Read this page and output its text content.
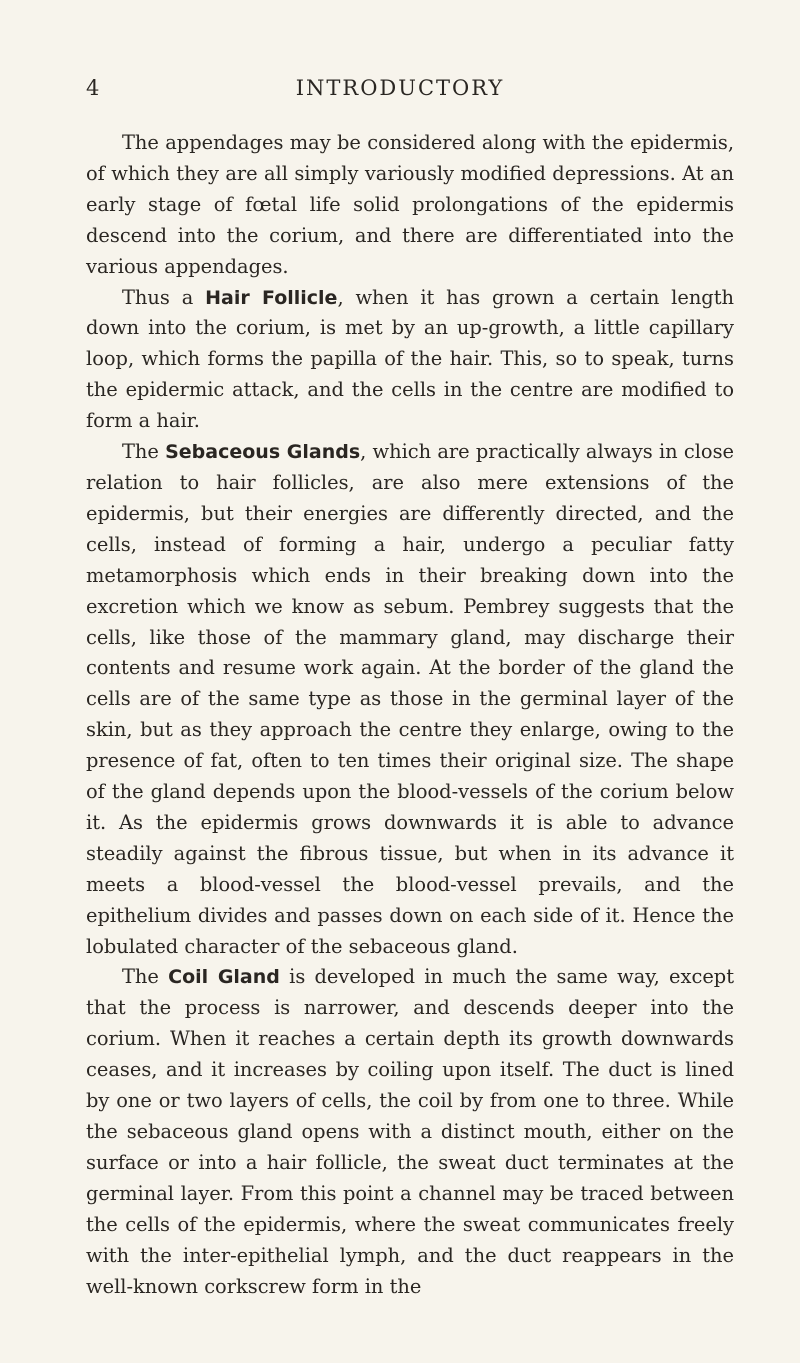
4	INTRODUCTORY

The appendages may be considered along with the epidermis, of which they are all simply variously modified depressions. At an early stage of fœtal life solid prolongations of the epidermis descend into the corium, and there are differentiated into the various appendages.

Thus a Hair Follicle, when it has grown a certain length down into the corium, is met by an up-growth, a little capillary loop, which forms the papilla of the hair. This, so to speak, turns the epidermic attack, and the cells in the centre are modified to form a hair.

The Sebaceous Glands, which are practically always in close relation to hair follicles, are also mere extensions of the epidermis, but their energies are differently directed, and the cells, instead of forming a hair, undergo a peculiar fatty metamorphosis which ends in their breaking down into the excretion which we know as sebum. Pembrey suggests that the cells, like those of the mammary gland, may discharge their contents and resume work again. At the border of the gland the cells are of the same type as those in the germinal layer of the skin, but as they approach the centre they enlarge, owing to the presence of fat, often to ten times their original size. The shape of the gland depends upon the blood-vessels of the corium below it. As the epidermis grows downwards it is able to advance steadily against the fibrous tissue, but when in its advance it meets a blood-vessel the blood-vessel prevails, and the epithelium divides and passes down on each side of it. Hence the lobulated character of the sebaceous gland.

The Coil Gland is developed in much the same way, except that the process is narrower, and descends deeper into the corium. When it reaches a certain depth its growth downwards ceases, and it increases by coiling upon itself. The duct is lined by one or two layers of cells, the coil by from one to three. While the sebaceous gland opens with a distinct mouth, either on the surface or into a hair follicle, the sweat duct terminates at the germinal layer. From this point a channel may be traced between the cells of the epidermis, where the sweat communicates freely with the inter-epithelial lymph, and the duct reappears in the well-known corkscrew form in the
